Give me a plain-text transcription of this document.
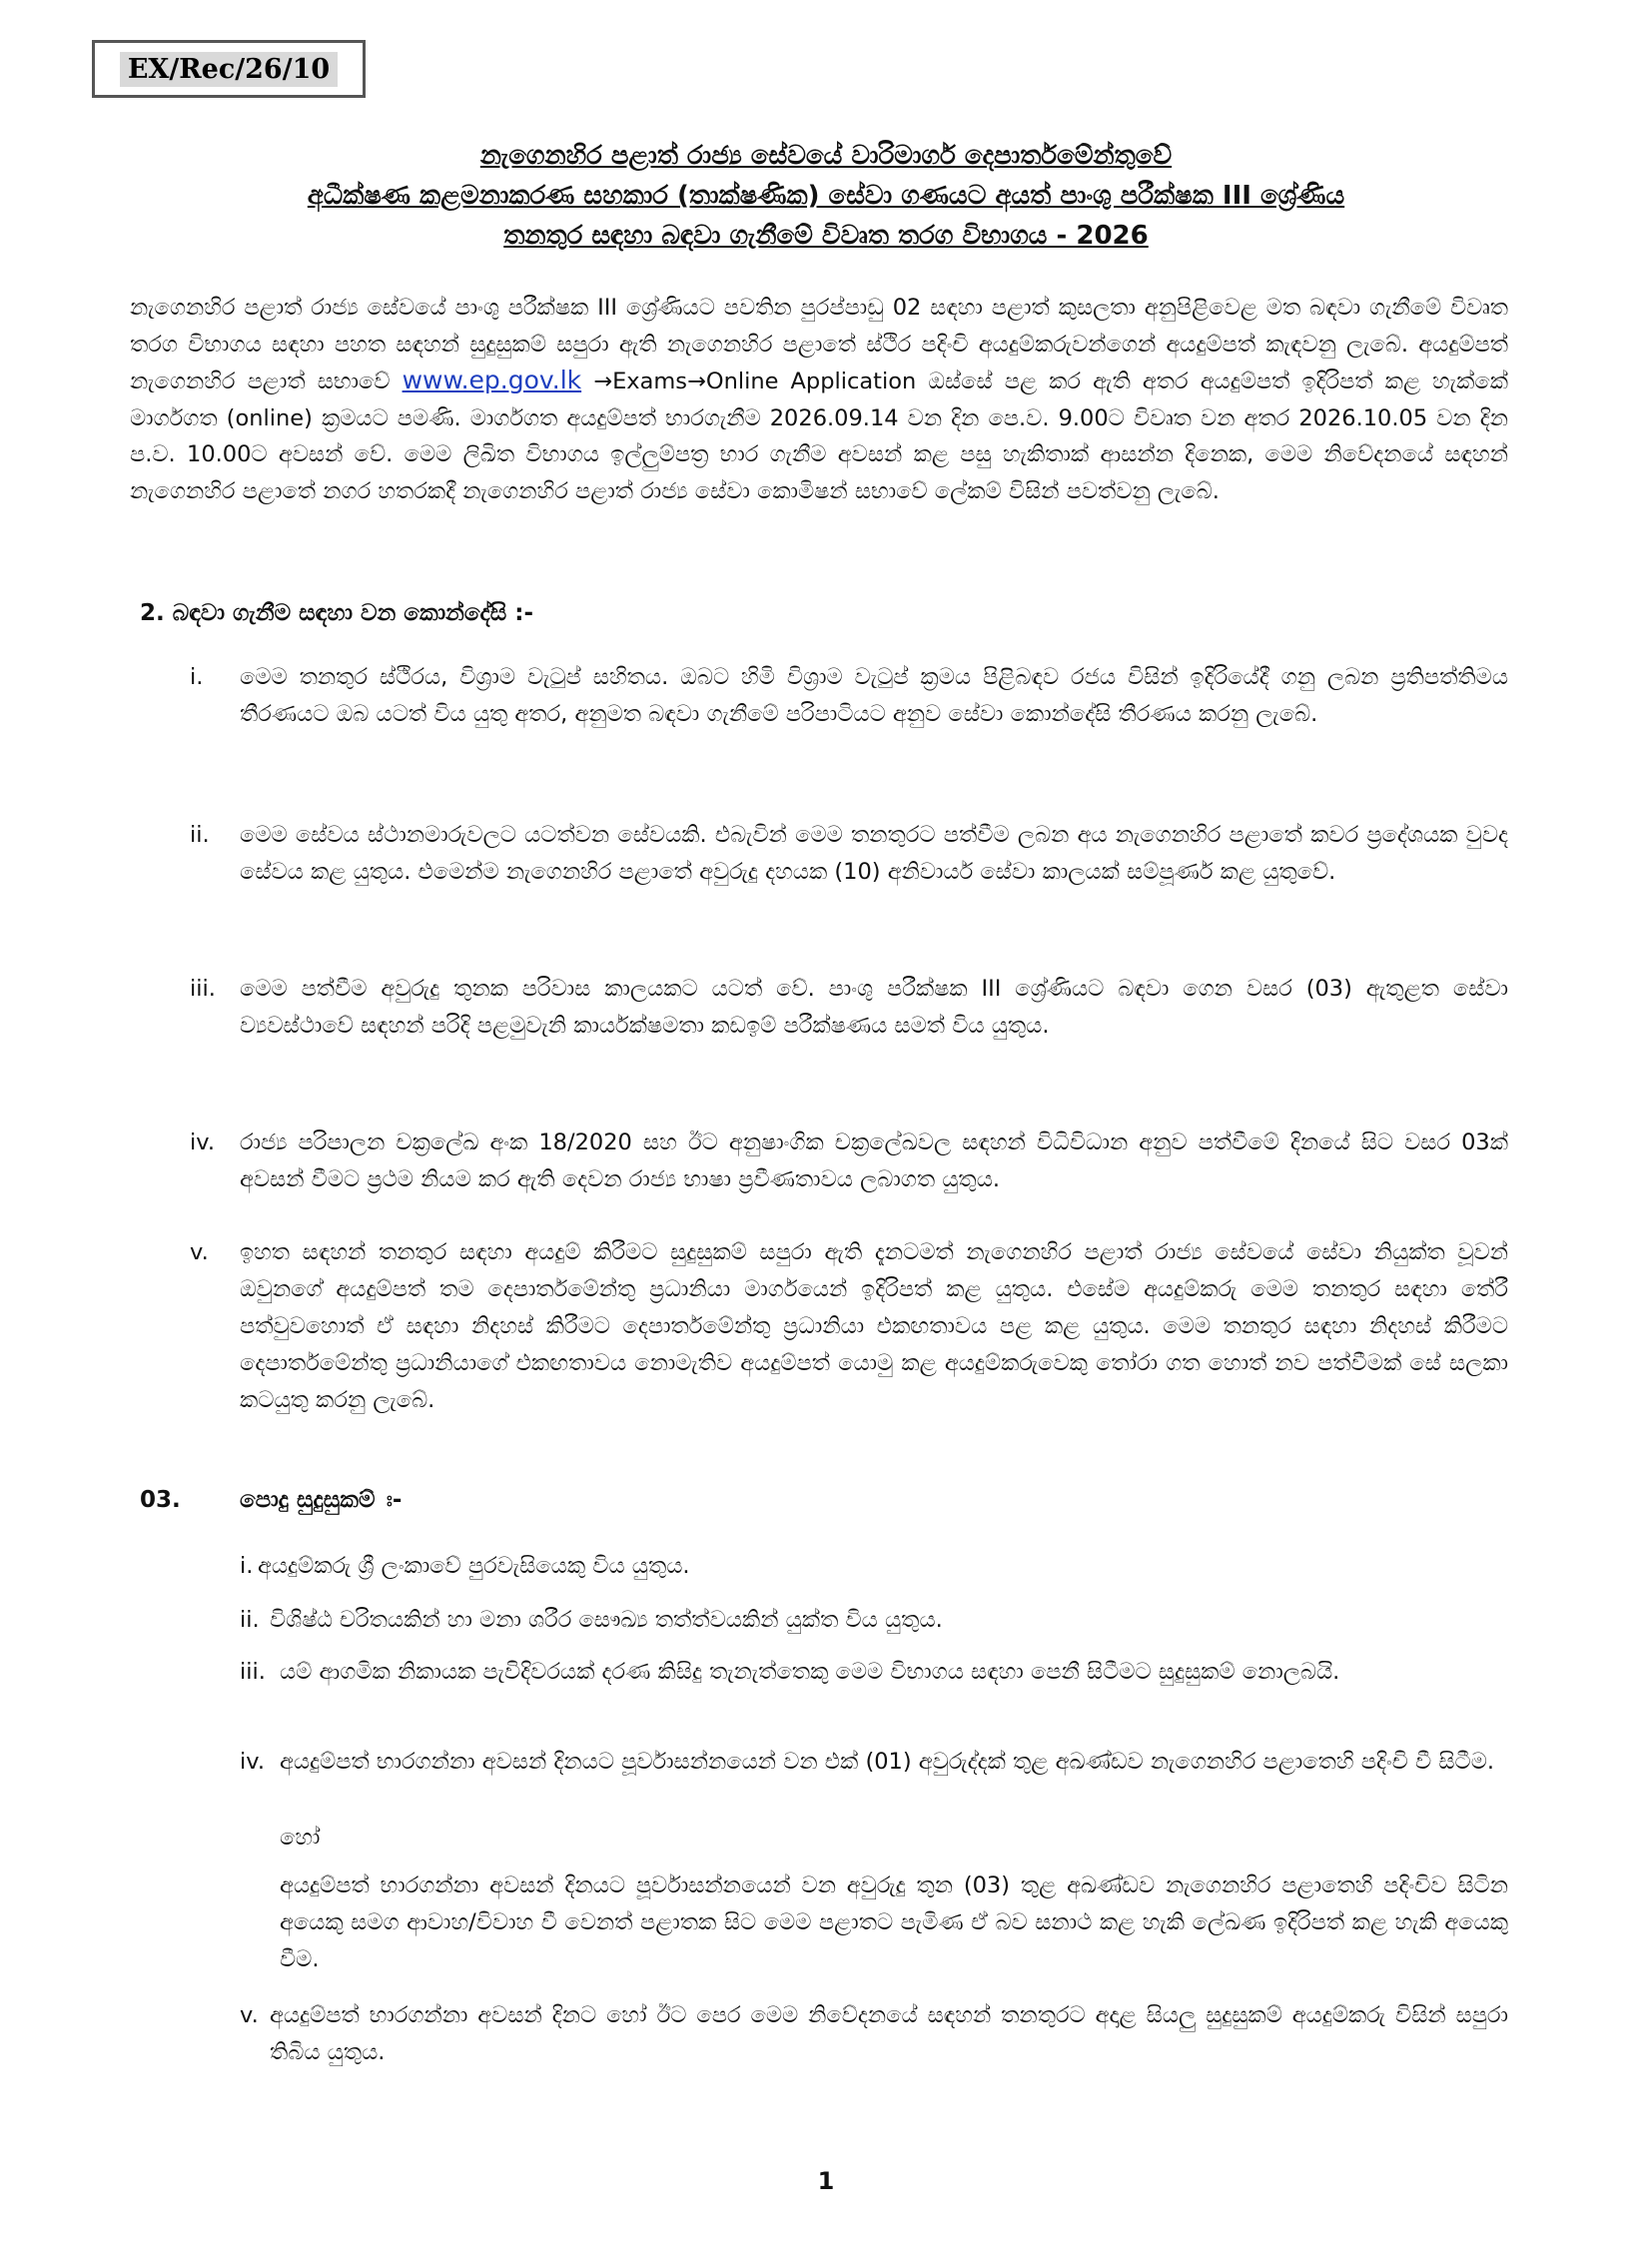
EX/Rec/26/10
නැගෙනහිර පළාත් රාජ්‍ය සේවයේ වාරිමාර්ග දෙපාර්තමේන්තුවේ
අධීක්ෂණ කළමනාකරණ සහකාර (තාක්ෂණික) සේවා ගණයට අයත් පාංශු පරීක්ෂක III ශ්‍රේණිය
තනතුර සඳහා බඳවා ගැනීමේ විවෘත තරග විභාගය - 2026
නැගෙනහිර පළාත් රාජ්‍ය සේවයේ පාංශු පරීක්ෂක III ශ්‍රේණියට පවතින පුරප්පාඩු 02 සඳහා පළාත් කුසලතා අනුපිළිවෙළ මත බඳවා ගැනීමේ විවෘත තරග විභාගය සඳහා පහත සඳහන් සුදුසුකම් සපුරා ඇති නැගෙනහිර පළාතේ ස්ථිර පදිංචි අයදුම්කරුවන්ගෙන් අයදුම්පත් කැඳවනු ලැබේ. අයදුම්පත් නැගෙනහිර පළාත් සභාවේ www.ep.gov.lk →Exams→Online Application ඔස්සේ පළ කර ඇති අතර අයදුම්පත් ඉදිරිපත් කළ හැක්කේ මාර්ගගත (online) ක්‍රමයට පමණි. මාර්ගගත අයදුම්පත් භාරගැනීම 2026.09.14 වන දින පෙ.ව. 9.00ට විවෘත වන අතර 2026.10.05 වන දින ප.ව. 10.00ට අවසන් වේ. මෙම ලිඛිත විභාගය ඉල්ලුම්පත්‍ර භාර ගැනීම අවසන් කළ පසු හැකිතාක් ආසන්න දිනෙක, මෙම නිවේදනයේ සඳහන් නැගෙනහිර පළාතේ නගර හතරකදී නැගෙනහිර පළාත් රාජ්‍ය සේවා කොමිෂන් සභාවේ ලේකම් විසින් පවත්වනු ලැබේ.
2. බඳවා ගැනීම සඳහා වන කොන්දේසි :-
i. මෙම තනතුර ස්ථිරය, විශ්‍රාම වැටුප් සහිතය. ඔබට හිමි විශ්‍රාම වැටුප් ක්‍රමය පිළිබඳව රජය විසින් ඉදිරියේදී ගනු ලබන ප්‍රතිපත්තිමය තීරණයට ඔබ යටත් විය යුතු අතර, අනුමත බඳවා ගැනීමේ පරිපාටියට අනුව සේවා කොන්දේසි තීරණය කරනු ලැබේ.
ii. මෙම සේවය ස්ථානමාරුවලට යටත්වන සේවයකි. එබැවින් මෙම තනතුරට පත්වීම ලබන අය නැගෙනහිර පළාතේ කවර ප්‍රදේශයක වුවද සේවය කළ යුතුය. එමෙන්ම නැගෙනහිර පළාතේ අවුරුදු දහයක (10) අනිවාර්ය සේවා කාලයක් සම්පූර්ණ කළ යුතුවේ.
iii. මෙම පත්වීම අවුරුදු තුනක පරිවාස කාලයකට යටත් වේ. පාංශු පරීක්ෂක III ශ්‍රේණියට බඳවා ගෙන වසර (03) ඇතුළත සේවා ව්‍යවස්ථාවේ සඳහන් පරිදි පළමුවැනි කාර්යක්ෂමතා කඩඉම් පරීක්ෂණය සමත් විය යුතුය.
iv. රාජ්‍ය පරිපාලන චක්‍රලේඛ අංක 18/2020 සහ ඊට අනුෂාංගික චක්‍රලේඛවල සඳහන් විධිවිධාන අනුව පත්වීමේ දිනයේ සිට වසර 03ක් අවසන් වීමට ප්‍රථම නියම කර ඇති දෙවන රාජ්‍ය භාෂා ප්‍රවීණතාවය ලබාගත යුතුය.
v. ඉහත සඳහන් තනතුර සඳහා අයදුම් කිරීමට සුදුසුකම් සපුරා ඇති දැනටමත් නැගෙනහිර පළාත් රාජ්‍ය සේවයේ සේවා නියුක්ත වූවන් ඔවුනගේ අයදුම්පත් තම දෙපාර්තමේන්තු ප්‍රධානියා මාර්ගයෙන් ඉදිරිපත් කළ යුතුය. එසේම අයදුම්කරු මෙම තනතුර සඳහා තේරී පත්වුවහොත් ඒ සඳහා නිදහස් කිරීමට දෙපාර්තමේන්තු ප්‍රධානියා එකඟතාවය පළ කළ යුතුය. මෙම තනතුර සඳහා නිදහස් කිරීමට දෙපාර්තමේන්තු ප්‍රධානියාගේ එකඟතාවය නොමැතිව අයදුම්පත් යොමු කළ අයදුම්කරුවෙකු තෝරා ගත හොත් නව පත්වීමක් සේ සලකා කටයුතු කරනු ලැබේ.
03.	පොදු සුදුසුකම් ඃ-
i. අයදුම්කරු ශ්‍රී ලංකාවේ පුරවැසියෙකු විය යුතුය.
ii. විශිෂ්ඨ චරිතයකින් හා මනා ශරීර සෞඛ්‍ය තත්ත්වයකින් යුක්ත විය යුතුය.
iii. යම් ආගමික නිකායක පැවිදිවරයක් දරණ කිසිදු තැනැත්තෙකු මෙම විභාගය සඳහා පෙනී සිටීමට සුදුසුකම් නොලබයි.
iv. අයදුම්පත් භාරගන්නා අවසන් දිනයට පූර්වාසන්නයෙන් වන එක් (01) අවුරුද්දක් තුළ අඛණ්ඩව නැගෙනහිර පළාතෙහි පදිංචි වී සිටීම.
හෝ
අයදුම්පත් භාරගන්නා අවසන් දිනයට පූර්වාසන්නයෙන් වන අවුරුදු තුන (03) තුළ අඛණ්ඩව නැගෙනහිර පළාතෙහි පදිංචිව සිටින අයෙකු සමග ආවාහ/විවාහ වී වෙනත් පළාතක සිට මෙම පළාතට පැමිණ ඒ බව සනාථ කළ හැකි ලේඛණ ඉදිරිපත් කළ හැකි අයෙකු වීම.
v. අයදුම්පත් භාරගන්නා අවසන් දිනට හෝ ඊට පෙර මෙම නිවේදනයේ සඳහන් තනතුරට අදාළ සියලු සුදුසුකම් අයදුම්කරු විසින් සපුරා තිබිය යුතුය.
1
